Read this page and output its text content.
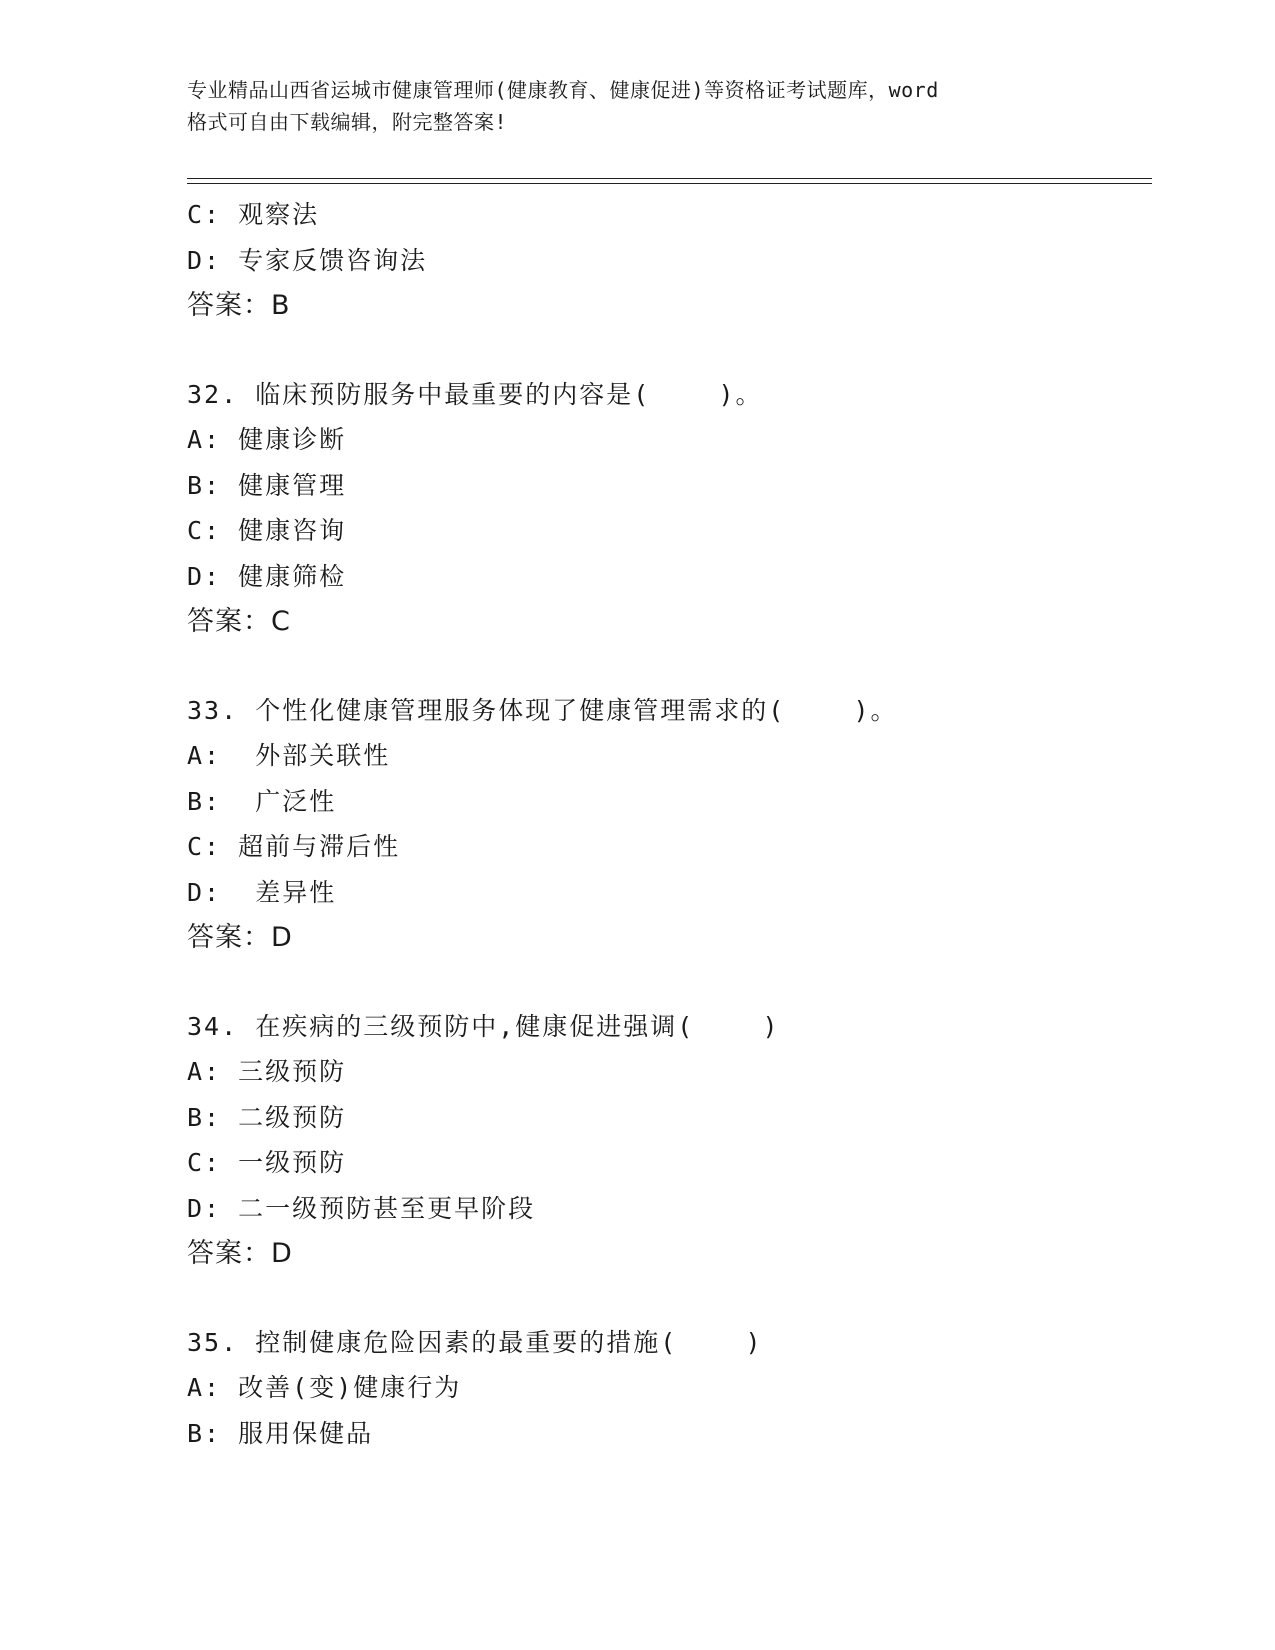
专业精品山西省运城市健康管理师(健康教育、健康促进)等资格证考试题库，word
格式可自由下载编辑，附完整答案!
C: 观察法
D: 专家反馈咨询法
答案：B
32. 临床预防服务中最重要的内容是(    )。
A: 健康诊断
B: 健康管理
C: 健康咨询
D: 健康筛检
答案：C
33. 个性化健康管理服务体现了健康管理需求的(    )。
A:  外部关联性
B:  广泛性
C: 超前与滞后性
D:  差异性
答案：D
34. 在疾病的三级预防中,健康促进强调(    )
A: 三级预防
B: 二级预防
C: 一级预防
D: 二一级预防甚至更早阶段
答案：D
35. 控制健康危险因素的最重要的措施(    )
A: 改善(变)健康行为
B: 服用保健品
